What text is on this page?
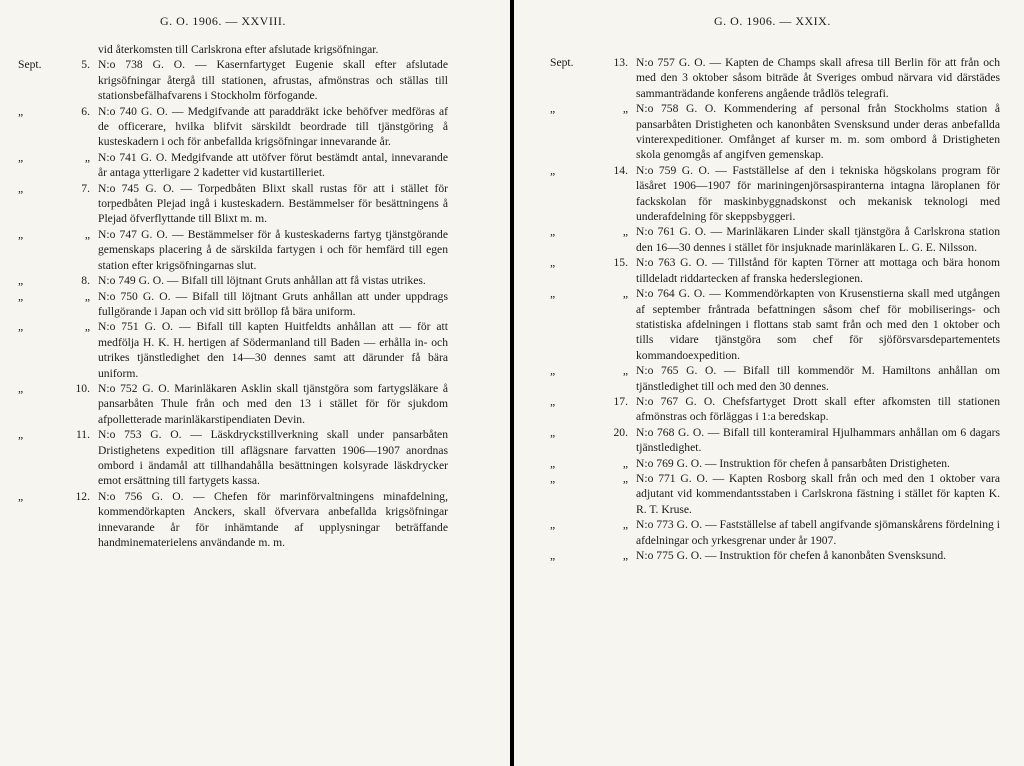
G. O. 1906. — XXVIII.
vid återkomsten till Carlskrona efter afslutade krigsöfningar.
Sept.	5. N:o 738 G. O. — Kasernfartyget Eugenie skall efter afslutade krigsöfningar återgå till stationen, afrustas, afmönstras och ställas till stationsbefälhafvarens i Stockholm förfogande.
„	6. N:o 740 G. O. — Medgifvande att paraddräkt icke behöfver medföras af de officerare, hvilka blifvit särskildt beordrade till tjänstgöring å kusteskadern i och för anbefallda krigsöfningar innevarande år.
„	„ N:o 741 G. O. Medgifvande att utöfver förut bestämdt antal, innevarande år antaga ytterligare 2 kadetter vid kustartilleriet.
„	7. N:o 745 G. O. — Torpedbåten Blixt skall rustas för att i stället för torpedbåten Plejad ingå i kusteskadern. Bestämmelser för besättningens å Plejad öfverflyttande till Blixt m. m.
„	„ N:o 747 G. O. — Bestämmelser för å kusteskaderns fartyg tjänstgörande gemenskaps placering å de särskilda fartygen i och för hemfärd till egen station efter krigsöfningarnas slut.
„	8. N:o 749 G. O. — Bifall till löjtnant Gruts anhållan att få vistas utrikes.
„	„ N:o 750 G. O. — Bifall till löjtnant Gruts anhållan att under uppdrags fullgörande i Japan och vid sitt bröllop få bära uniform.
„	„ N:o 751 G. O. — Bifall till kapten Huitfeldts anhållan att — för att medfölja H. K. H. hertigen af Södermanland till Baden — erhålla in- och utrikes tjänstledighet den 14—30 dennes samt att därunder få bära uniform.
„	10. N:o 752 G. O. Marinläkaren Asklin skall tjänstgöra som fartygsläkare å pansarbåten Thule från och med den 13 i stället för för sjukdom afpolletterade marinläkarstipendiaten Devin.
„	11. N:o 753 G. O. — Läskdryckstillverkning skall under pansarbåten Dristighetens expedition till aflägsnare farvatten 1906—1907 anordnas ombord i ändamål att tillhandahålla besättningen kolsyrade läskdrycker emot ersättning till fartygets kassa.
„	12. N:o 756 G. O. — Chefen för marinförvaltningens minafdelning, kommendörkapten Anckers, skall öfvervara anbefallda krigsöfningar innevarande år för inhämtande af upplysningar beträffande handminematerielens användande m. m.
G. O. 1906. — XXIX.
Sept.	13. N:o 757 G. O. — Kapten de Champs skall afresa till Berlin för att från och med den 3 oktober såsom biträde åt Sveriges ombud närvara vid därstädes sammanträdande konferens angående trådlös telegrafi.
„	„ N:o 758 G. O. Kommendering af personal från Stockholms station å pansarbåten Dristigheten och kanonbåten Svensksund under deras anbefallda vinterexpeditioner. Omfånget af kurser m. m. som ombord å Dristigheten skola genomgås af angifven gemenskap.
„	14. N:o 759 G. O. — Fastställelse af den i tekniska högskolans program för läsåret 1906—1907 för mariningenjörsaspiranterna intagna läroplanen för fackskolan för maskinbyggnadskonst och mekanisk teknologi med underafdelning för skeppsbyggeri.
„	„ N:o 761 G. O. — Marinläkaren Linder skall tjänstgöra å Carlskrona station den 16—30 dennes i stället för insjuknade marinläkaren L. G. E. Nilsson.
„	15. N:o 763 G. O. — Tillstånd för kapten Törner att mottaga och bära honom tilldeladt riddartecken af franska hederslegionen.
„	„ N:o 764 G. O. — Kommendörkapten von Krusenstierna skall med utgången af september fråntrada befattningen såsom chef för mobiliserings- och statistiska afdelningen i flottans stab samt från och med den 1 oktober och tills vidare tjänstgöra som chef för sjöförsvarsdepartementets kommandoexpedition.
„	„ N:o 765 G. O. — Bifall till kommendör M. Hamiltons anhållan om tjänstledighet till och med den 30 dennes.
„	17. N:o 767 G. O. Chefsfartyget Drott skall efter afkomsten till stationen afmönstras och förläggas i 1:a beredskap.
„	20. N:o 768 G. O. — Bifall till konteramiral Hjulhammars anhållan om 6 dagars tjänstledighet.
„	„ N:o 769 G. O. — Instruktion för chefen å pansarbåten Dristigheten.
„	„ N:o 771 G. O. — Kapten Rosborg skall från och med den 1 oktober vara adjutant vid kommendantsstaben i Carlskrona fästning i stället för kapten K. R. T. Kruse.
„	„ N:o 773 G. O. — Fastställelse af tabell angifvande sjömanskårens fördelning i afdelningar och yrkesgrenar under år 1907.
„	„ N:o 775 G. O. — Instruktion för chefen å kanonbåten Svensksund.
